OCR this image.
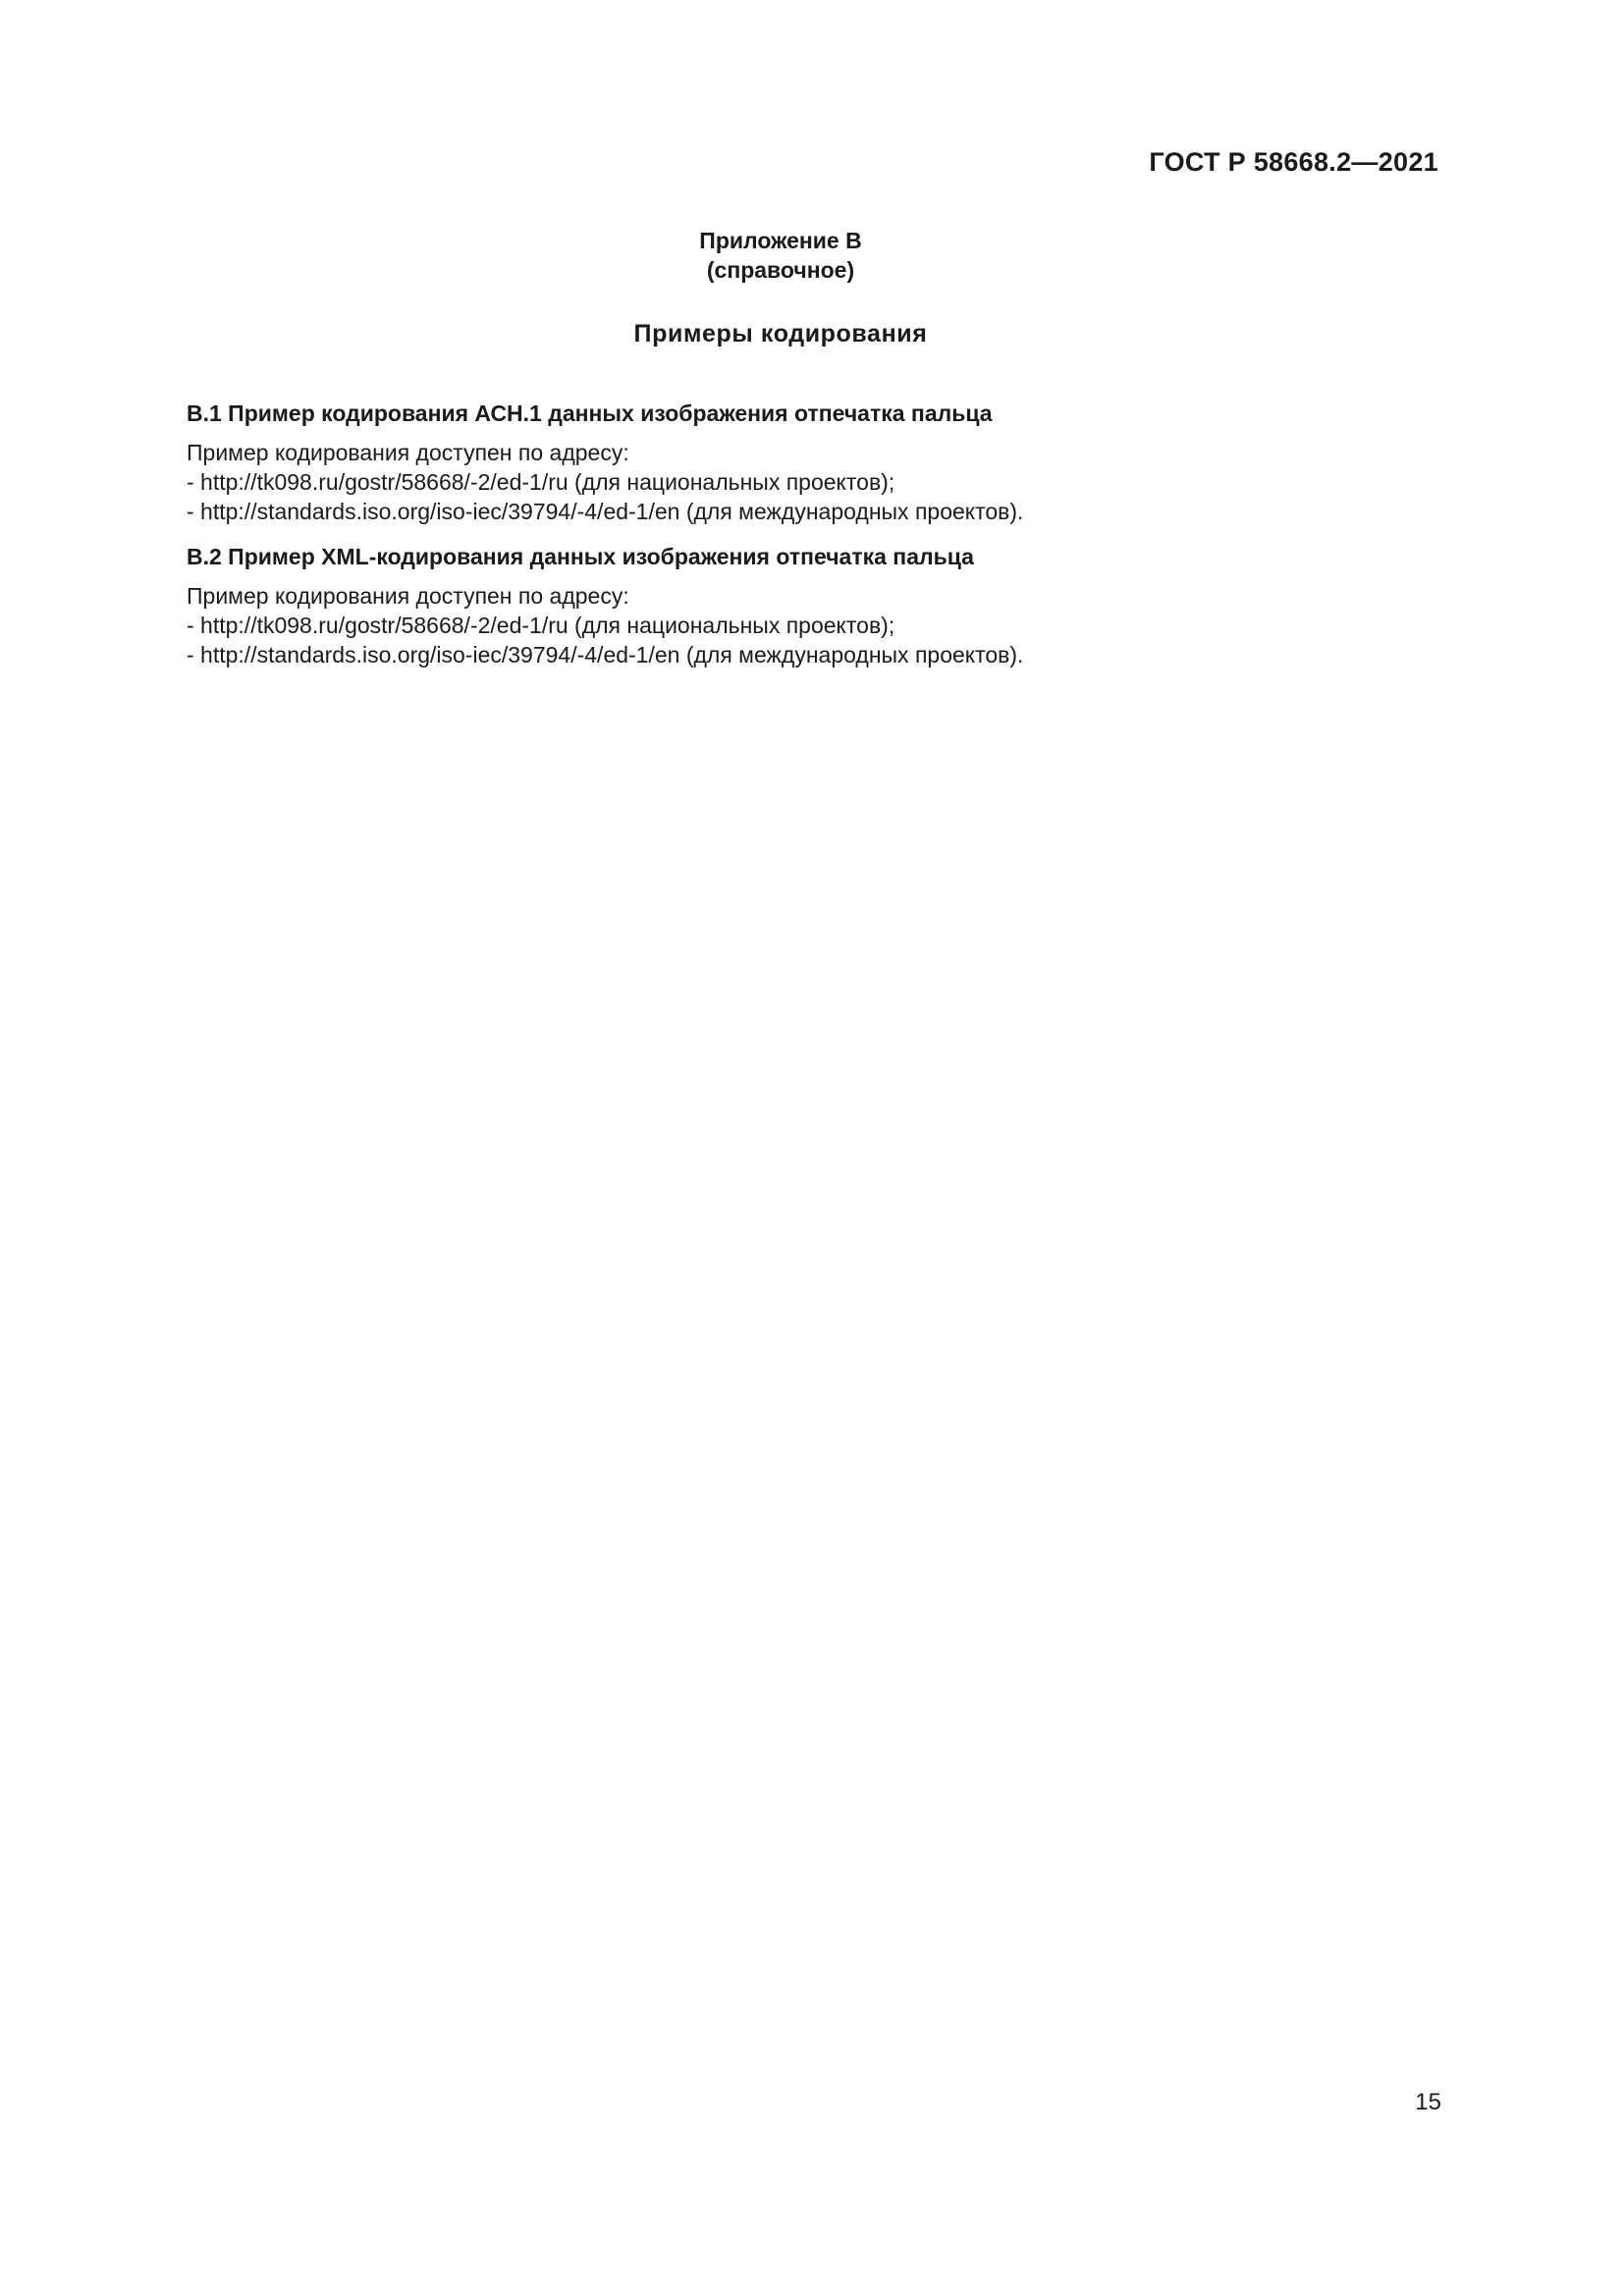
ГОСТ Р 58668.2—2021
Приложение В
(справочное)
Примеры кодирования
В.1 Пример кодирования АСН.1 данных изображения отпечатка пальца
Пример кодирования доступен по адресу:
- http://tk098.ru/gostr/58668/-2/ed-1/ru (для национальных проектов);
- http://standards.iso.org/iso-iec/39794/-4/ed-1/en (для международных проектов).
В.2 Пример XML-кодирования данных изображения отпечатка пальца
Пример кодирования доступен по адресу:
- http://tk098.ru/gostr/58668/-2/ed-1/ru (для национальных проектов);
- http://standards.iso.org/iso-iec/39794/-4/ed-1/en (для международных проектов).
15
